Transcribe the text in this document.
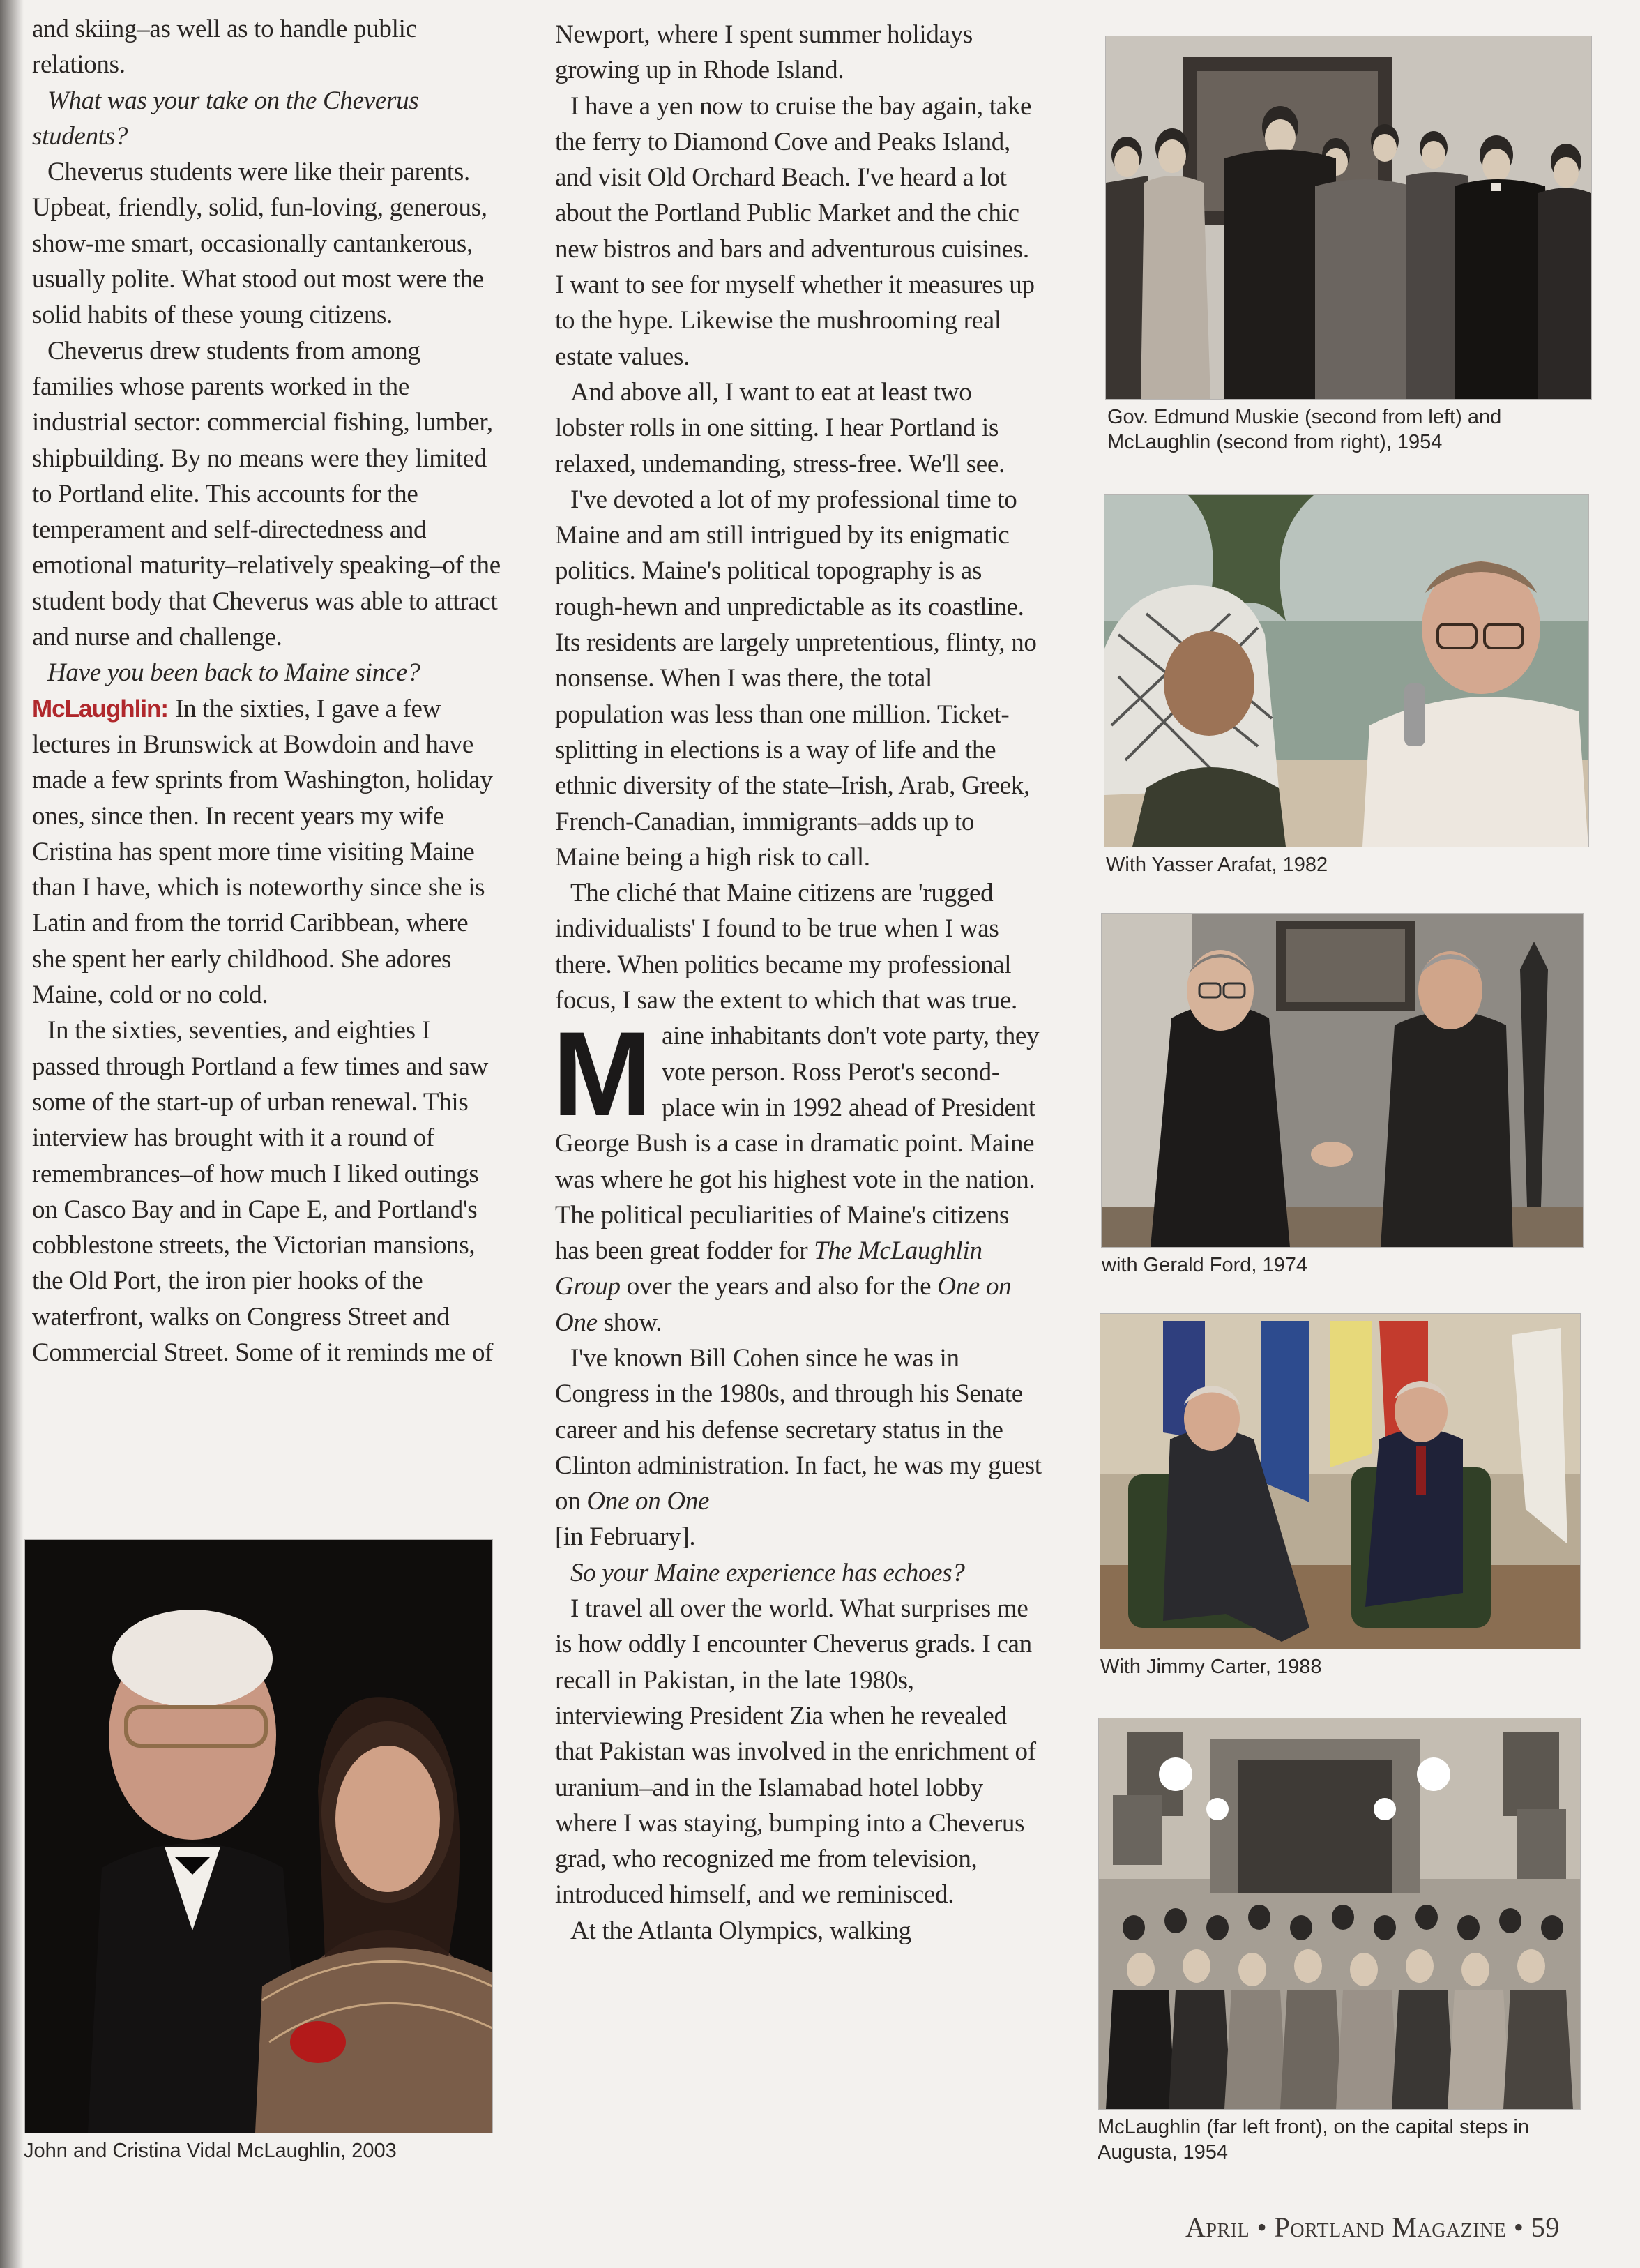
and skiing–as well as to handle public relations.

What was your take on the Cheverus students?

Cheverus students were like their parents. Upbeat, friendly, solid, fun-loving, generous, show-me smart, occasionally cantankerous, usually polite. What stood out most were the solid habits of these young citizens.

Cheverus drew students from among families whose parents worked in the industrial sector: commercial fishing, lumber, shipbuilding. By no means were they limited to Portland elite. This accounts for the temperament and self-directedness and emotional maturity–relatively speaking–of the student body that Cheverus was able to attract and nurse and challenge.

Have you been back to Maine since?

McLaughlin: In the sixties, I gave a few lectures in Brunswick at Bowdoin and have made a few sprints from Washington, holiday ones, since then. In recent years my wife Cristina has spent more time visiting Maine than I have, which is noteworthy since she is Latin and from the torrid Caribbean, where she spent her early childhood. She adores Maine, cold or no cold.

In the sixties, seventies, and eighties I passed through Portland a few times and saw some of the start-up of urban renewal. This interview has brought with it a round of remembrances–of how much I liked outings on Casco Bay and in Cape E, and Portland's cobblestone streets, the Victorian mansions, the Old Port, the iron pier hooks of the waterfront, walks on Congress Street and Commercial Street. Some of it reminds me of

Newport, where I spent summer holidays growing up in Rhode Island.

I have a yen now to cruise the bay again, take the ferry to Diamond Cove and Peaks Island, and visit Old Orchard Beach. I've heard a lot about the Portland Public Market and the chic new bistros and bars and adventurous cuisines. I want to see for myself whether it measures up to the hype. Likewise the mushrooming real estate values.

And above all, I want to eat at least two lobster rolls in one sitting. I hear Portland is relaxed, undemanding, stress-free. We'll see.

I've devoted a lot of my professional time to Maine and am still intrigued by its enigmatic politics. Maine's political topography is as rough-hewn and unpredictable as its coastline. Its residents are largely unpretentious, flinty, no nonsense. When I was there, the total population was less than one million. Ticket-splitting in elections is a way of life and the ethnic diversity of the state–Irish, Arab, Greek, French-Canadian, immigrants–adds up to Maine being a high risk to call.

The cliché that Maine citizens are 'rugged individualists' I found to be true when I was there. When politics became my professional focus, I saw the extent to which that was true.

Maine inhabitants don't vote party, they vote person. Ross Perot's second-place win in 1992 ahead of President George Bush is a case in dramatic point. Maine was where he got his highest vote in the nation. The political peculiarities of Maine's citizens has been great fodder for The McLaughlin Group over the years and also for the One on One show.

I've known Bill Cohen since he was in Congress in the 1980s, and through his Senate career and his defense secretary status in the Clinton administration. In fact, he was my guest on One on One
[in February].

So your Maine experience has echoes?

I travel all over the world. What surprises me is how oddly I encounter Cheverus grads. I can recall in Pakistan, in the late 1980s, interviewing President Zia when he revealed that Pakistan was involved in the enrichment of uranium–and in the Islamabad hotel lobby where I was staying, bumping into a Cheverus grad, who recognized me from television, introduced himself, and we reminisced.

At the Atlanta Olympics, walking

John and Cristina Vidal McLaughlin, 2003
Gov. Edmund Muskie (second from left) and McLaughlin (second from right), 1954
With Yasser Arafat, 1982
with Gerald Ford, 1974
With Jimmy Carter, 1988
McLaughlin (far left front), on the capital steps in Augusta, 1954
April • Portland Magazine • 59
